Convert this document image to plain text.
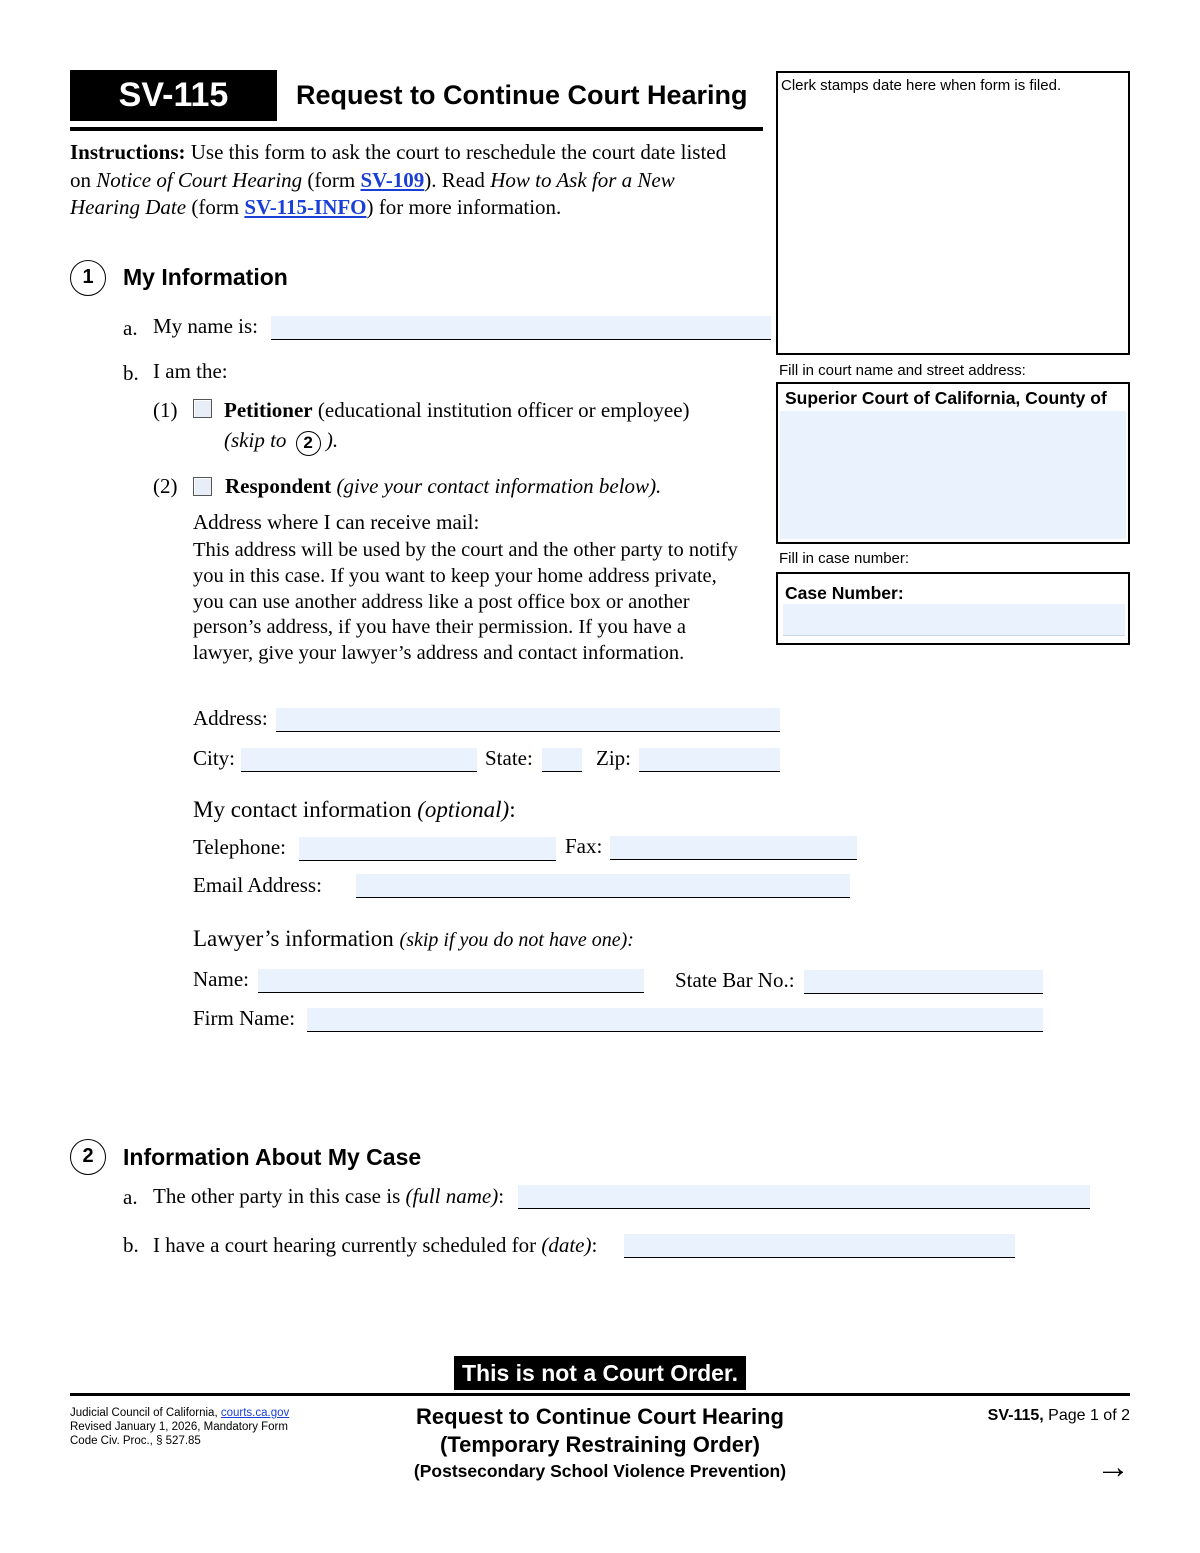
SV-115	Request to Continue Court Hearing
Instructions: Use this form to ask the court to reschedule the court date listed
on Notice of Court Hearing (form SV-109). Read How to Ask for a New
Hearing Date (form SV-115-INFO) for more information.
Clerk stamps date here when form is filed.
Fill in court name and street address:
Superior Court of California, County of
Fill in case number:
Case Number:
1	My Information
a. My name is:
b. I am the:
(1) Petitioner (educational institution officer or employee)
(skip to 2 ).
(2) Respondent (give your contact information below).
Address where I can receive mail:
This address will be used by the court and the other party to notify you in this case. If you want to keep your home address private, you can use another address like a post office box or another person’s address, if you have their permission. If you have a lawyer, give your lawyer’s address and contact information.
Address:
City:	State:	Zip:
My contact information (optional):
Telephone:	Fax:
Email Address:
Lawyer’s information (skip if you do not have one):
Name:	State Bar No.:
Firm Name:
2	Information About My Case
a. The other party in this case is (full name):
b. I have a court hearing currently scheduled for (date):
This is not a Court Order.
Judicial Council of California, courts.ca.gov
Revised January 1, 2026, Mandatory Form
Code Civ. Proc., § 527.85
Request to Continue Court Hearing
(Temporary Restraining Order)
(Postsecondary School Violence Prevention)
SV-115, Page 1 of 2
→
